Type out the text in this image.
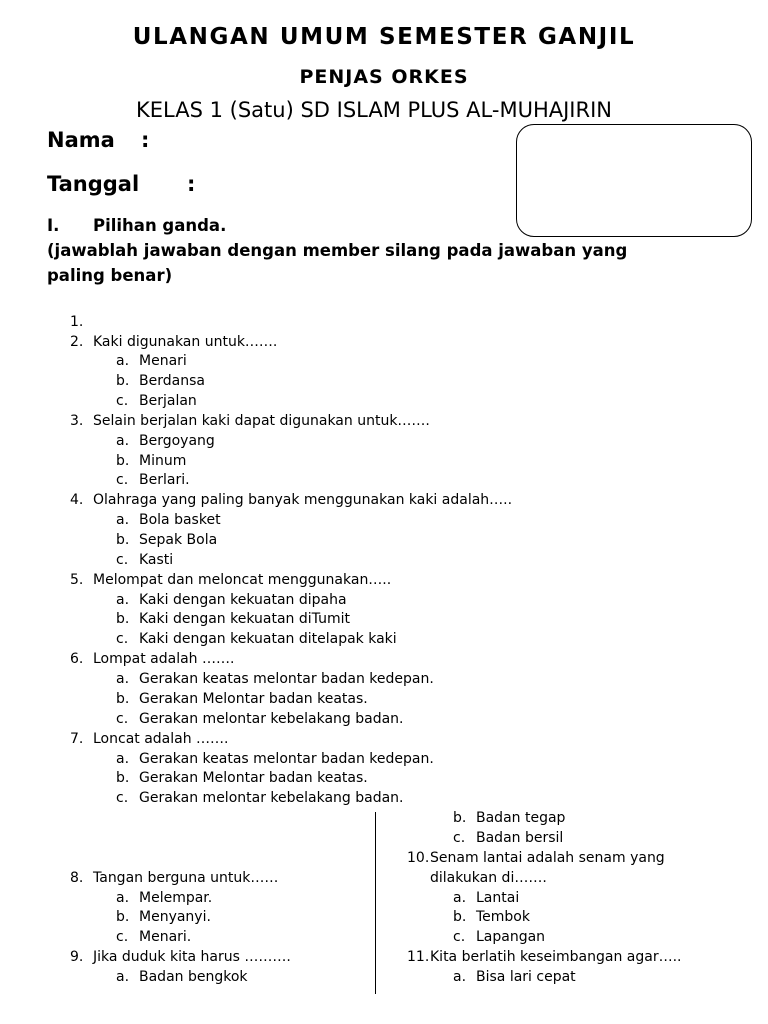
ULANGAN UMUM SEMESTER GANJIL
PENJAS ORKES
KELAS 1 (Satu) SD ISLAM PLUS AL-MUHAJIRIN
Nama :
Tanggal :
I. Pilihan ganda.
(jawablah jawaban dengan member silang pada jawaban yang
paling benar)
1.
2. Kaki digunakan untuk…….
a. Menari
b. Berdansa
c. Berjalan
3. Selain berjalan kaki dapat digunakan untuk…….
a. Bergoyang
b. Minum
c. Berlari.
4. Olahraga yang paling banyak menggunakan kaki adalah…..
a. Bola basket
b. Sepak Bola
c. Kasti
5. Melompat dan meloncat menggunakan…..
a. Kaki dengan kekuatan dipaha
b. Kaki dengan kekuatan diTumit
c. Kaki dengan kekuatan ditelapak kaki
6. Lompat adalah …….
a. Gerakan keatas melontar badan kedepan.
b. Gerakan Melontar badan keatas.
c. Gerakan melontar kebelakang badan.
7. Loncat adalah …….
a. Gerakan keatas melontar badan kedepan.
b. Gerakan Melontar badan keatas.
c. Gerakan melontar kebelakang badan.
8. Tangan berguna untuk……
a. Melempar.
b. Menyanyi.
c. Menari.
9. Jika duduk kita harus ……….
a. Badan bengkok
b. Badan tegap
c. Badan bersil
10. Senam lantai adalah senam yang
dilakukan di…….
a. Lantai
b. Tembok
c. Lapangan
11. Kita berlatih keseimbangan agar…..
a. Bisa lari cepat
